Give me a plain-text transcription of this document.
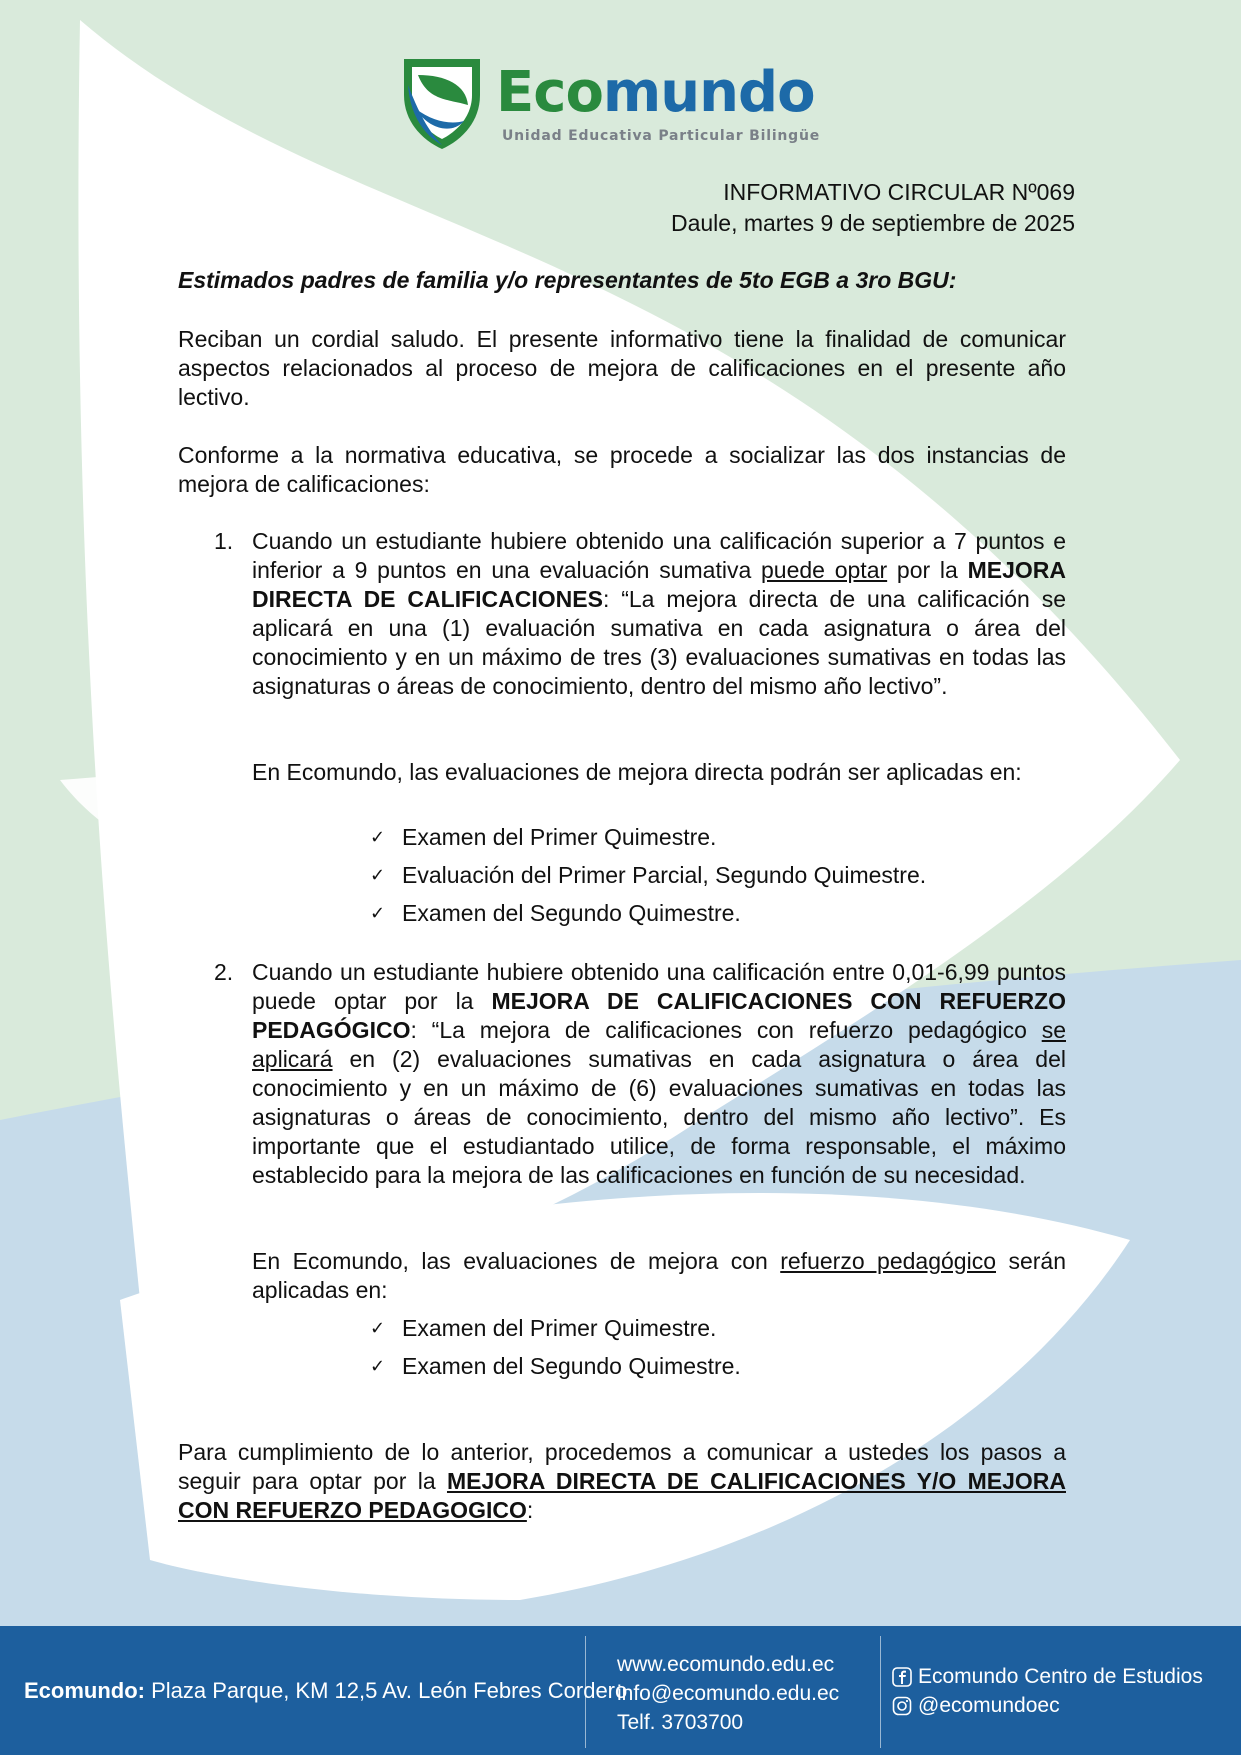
Ecomundo
Unidad Educativa Particular Bilingüe
INFORMATIVO CIRCULAR Nº069
Daule, martes 9 de septiembre de 2025
Estimados padres de familia y/o representantes de 5to EGB a 3ro BGU:
Reciban un cordial saludo. El presente informativo tiene la finalidad de comunicar aspectos relacionados al proceso de mejora de calificaciones en el presente año lectivo.
Conforme a la normativa educativa, se procede a socializar las dos instancias de mejora de calificaciones:
1. Cuando un estudiante hubiere obtenido una calificación superior a 7 puntos e inferior a 9 puntos en una evaluación sumativa puede optar por la MEJORA DIRECTA DE CALIFICACIONES: “La mejora directa de una calificación se aplicará en una (1) evaluación sumativa en cada asignatura o área del conocimiento y en un máximo de tres (3) evaluaciones sumativas en todas las asignaturas o áreas de conocimiento, dentro del mismo año lectivo”.
En Ecomundo, las evaluaciones de mejora directa podrán ser aplicadas en:
✓ Examen del Primer Quimestre.
✓ Evaluación del Primer Parcial, Segundo Quimestre.
✓ Examen del Segundo Quimestre.
2. Cuando un estudiante hubiere obtenido una calificación entre 0,01-6,99 puntos puede optar por la MEJORA DE CALIFICACIONES CON REFUERZO PEDAGÓGICO: “La mejora de calificaciones con refuerzo pedagógico se aplicará en (2) evaluaciones sumativas en cada asignatura o área del conocimiento y en un máximo de (6) evaluaciones sumativas en todas las asignaturas o áreas de conocimiento, dentro del mismo año lectivo”. Es importante que el estudiantado utilice, de forma responsable, el máximo establecido para la mejora de las calificaciones en función de su necesidad.
En Ecomundo, las evaluaciones de mejora con refuerzo pedagógico serán aplicadas en:
✓ Examen del Primer Quimestre.
✓ Examen del Segundo Quimestre.
Para cumplimiento de lo anterior, procedemos a comunicar a ustedes los pasos a seguir para optar por la MEJORA DIRECTA DE CALIFICACIONES Y/O MEJORA CON REFUERZO PEDAGOGICO:
Ecomundo: Plaza Parque, KM 12,5 Av. León Febres Cordero
www.ecomundo.edu.ec
info@ecomundo.edu.ec
Telf. 3703700
Ecomundo Centro de Estudios
@ecomundoec
